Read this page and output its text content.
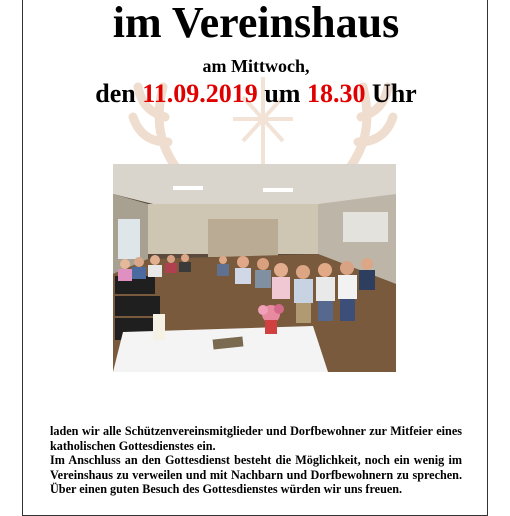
im Vereinshaus
am Mittwoch,
den 11.09.2019 um 18.30 Uhr

laden wir alle Schützenvereinsmitglieder und Dorfbewohner zur Mitfeier eines katholischen Gottesdienstes ein.

Im Anschluss an den Gottesdienst besteht die Möglichkeit, noch ein wenig im Vereinshaus zu verweilen und mit Nachbarn und Dorfbewohnern zu sprechen. Über einen guten Besuch des Gottesdienstes würden wir uns freuen.
